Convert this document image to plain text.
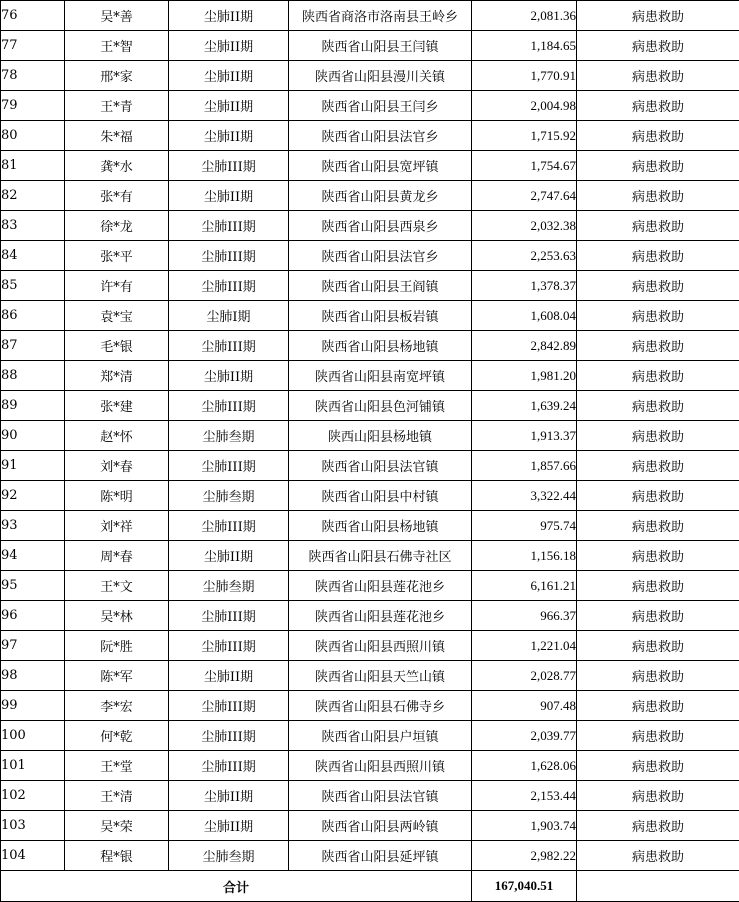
76	吴*善	尘肺II期	陕西省商洛市洛南县王岭乡	2,081.36	病患救助
77	王*智	尘肺II期	陕西省山阳县王闫镇	1,184.65	病患救助
78	邢*家	尘肺II期	陕西省山阳县漫川关镇	1,770.91	病患救助
79	王*青	尘肺II期	陕西省山阳县王闫乡	2,004.98	病患救助
80	朱*福	尘肺II期	陕西省山阳县法官乡	1,715.92	病患救助
81	龚*水	尘肺III期	陕西省山阳县宽坪镇	1,754.67	病患救助
82	张*有	尘肺II期	陕西省山阳县黄龙乡	2,747.64	病患救助
83	徐*龙	尘肺III期	陕西省山阳县西泉乡	2,032.38	病患救助
84	张*平	尘肺III期	陕西省山阳县法官乡	2,253.63	病患救助
85	许*有	尘肺III期	陕西省山阳县王阎镇	1,378.37	病患救助
86	袁*宝	尘肺I期	陕西省山阳县板岩镇	1,608.04	病患救助
87	毛*银	尘肺III期	陕西省山阳县杨地镇	2,842.89	病患救助
88	郑*清	尘肺II期	陕西省山阳县南宽坪镇	1,981.20	病患救助
89	张*建	尘肺III期	陕西省山阳县色河铺镇	1,639.24	病患救助
90	赵*怀	尘肺叁期	陕西山阳县杨地镇	1,913.37	病患救助
91	刘*春	尘肺III期	陕西省山阳县法官镇	1,857.66	病患救助
92	陈*明	尘肺叁期	陕西省山阳县中村镇	3,322.44	病患救助
93	刘*祥	尘肺III期	陕西省山阳县杨地镇	975.74	病患救助
94	周*春	尘肺II期	陕西省山阳县石佛寺社区	1,156.18	病患救助
95	王*文	尘肺叁期	陕西省山阳县莲花池乡	6,161.21	病患救助
96	吴*林	尘肺III期	陕西省山阳县莲花池乡	966.37	病患救助
97	阮*胜	尘肺III期	陕西省山阳县西照川镇	1,221.04	病患救助
98	陈*军	尘肺II期	陕西省山阳县天竺山镇	2,028.77	病患救助
99	李*宏	尘肺III期	陕西省山阳县石佛寺乡	907.48	病患救助
100	何*乾	尘肺III期	陕西省山阳县户垣镇	2,039.77	病患救助
101	王*堂	尘肺III期	陕西省山阳县西照川镇	1,628.06	病患救助
102	王*清	尘肺II期	陕西省山阳县法官镇	2,153.44	病患救助
103	吴*荣	尘肺II期	陕西省山阳县两岭镇	1,903.74	病患救助
104	程*银	尘肺叁期	陕西省山阳县延坪镇	2,982.22	病患救助
合计				167,040.51	
